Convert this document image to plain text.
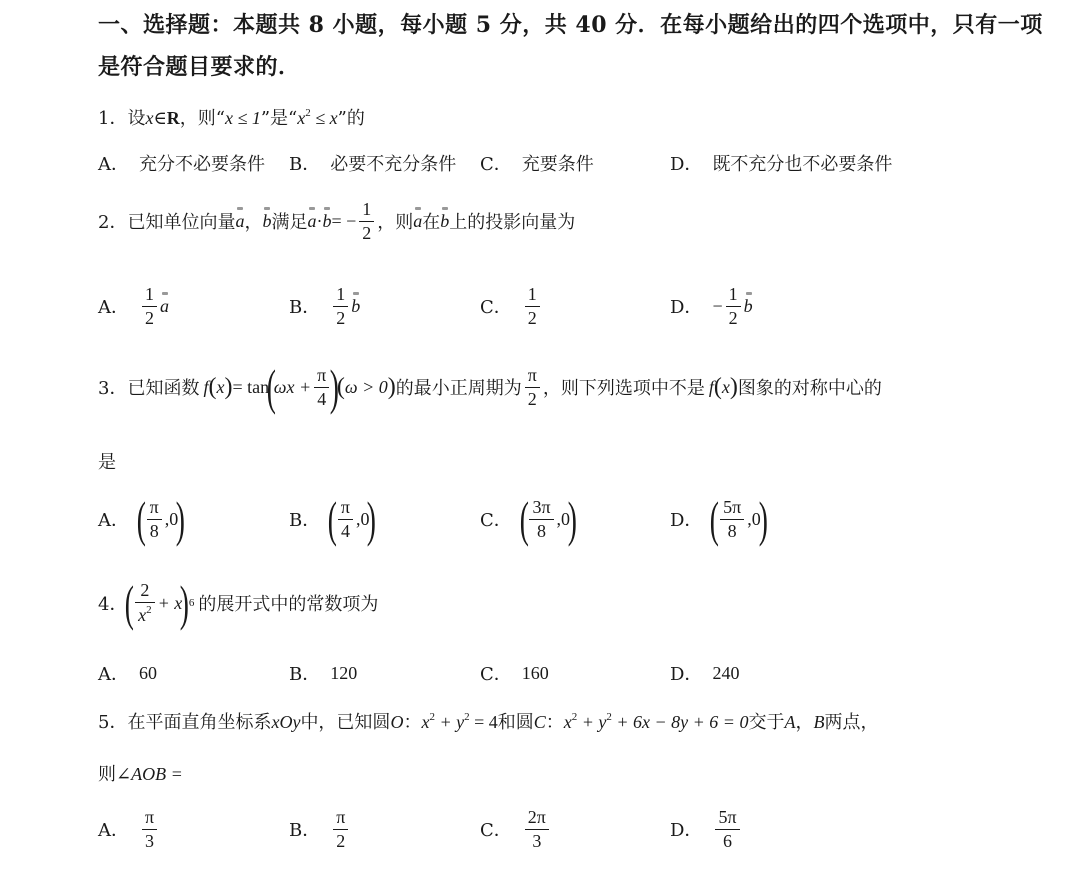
一、选择题：本题共 8 小题，每小题 5 分，共 40 分．在每小题给出的四个选项中，只有一项
是符合题目要求的．
1．设x∈R，则“x ≤ 1”是“$x^2 \le x$”的
A． 充分不必要条件 B． 必要不充分条件 C． 充要条件	D． 既不充分也不必要条件
2． 已知单位向量 a ， b 满足 a · b = − $\frac{1}{2}$ ，则 a 在 b 上的投影向量为
A． $\frac{1}{2}$ a	B． $\frac{1}{2}$ b	C． $\frac{1}{2}$	D． − $\frac{1}{2}$ b
3． 已知函数 f ( x ) = tan
(
$\omega x + \frac{\pi}{4}$ )
( ω > 0 ) 的最小正周期为 $\frac{\pi}{2}$ ，则下列选项中不是 f ( x ) 图象的对称中心的
是
A． ( $\frac{\pi}{8} ,0$
)	B． ( $\frac{\pi}{4} ,0$
)	C． ( $\frac{3\pi}{8} ,0$
)	D． ( $\frac{5\pi}{8} ,0$
)
4．
( $\frac{2}{x^2} + x$
) 6 的展开式中的常数项为
A． 60	B． 120	C． 160	D． 240
5．在平面直角坐标系xOy中，已知圆O：$x^2 + y^2 = 4$和圆C：$x^2 + y^2 + 6x - 8y + 6 = 0$交于A，B两点，
则∠AOB =
A． $\frac{\pi}{3}$	B． $\frac{\pi}{2}$	C． $\frac{2\pi}{3}$	D． $\frac{5\pi}{6}$
